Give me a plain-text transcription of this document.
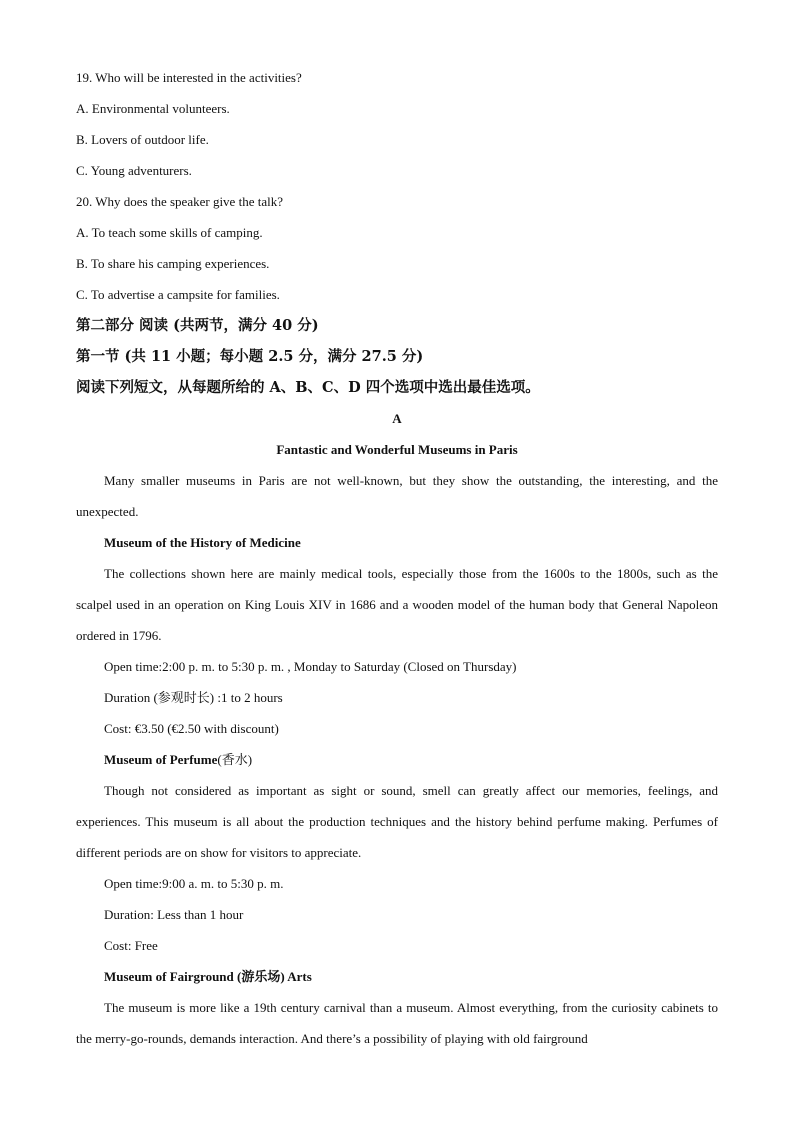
19. Who will be interested in the activities?

A. Environmental volunteers.

B. Lovers of outdoor life.

C. Young adventurers.

20. Why does the speaker give the talk?

A. To teach some skills of camping.

B. To share his camping experiences.

C. To advertise a campsite for families.

第二部分 阅读 (共两节，满分 40 分)

第一节 (共 11 小题；每小题 2.5 分，满分 27.5 分)

阅读下列短文，从每题所给的 A、B、C、D 四个选项中选出最佳选项。

A

Fantastic and Wonderful Museums in Paris

Many smaller museums in Paris are not well-known, but they show the outstanding, the interesting, and the unexpected.

Museum of the History of Medicine

The collections shown here are mainly medical tools, especially those from the 1600s to the 1800s, such as the scalpel used in an operation on King Louis XIV in 1686 and a wooden model of the human body that General Napoleon ordered in 1796.

Open time:2:00 p. m. to 5:30 p. m. , Monday to Saturday (Closed on Thursday)

Duration (参观时长) :1 to 2 hours

Cost: €3.50 (€2.50 with discount)

Museum of Perfume(香水)

Though not considered as important as sight or sound, smell can greatly affect our memories, feelings, and experiences. This museum is all about the production techniques and the history behind perfume making. Perfumes of different periods are on show for visitors to appreciate.

Open time:9:00 a. m. to 5:30 p. m.

Duration: Less than 1 hour

Cost: Free

Museum of Fairground (游乐场) Arts

The museum is more like a 19th century carnival than a museum. Almost everything, from the curiosity cabinets to the merry-go-rounds, demands interaction. And there’s a possibility of playing with old fairground
